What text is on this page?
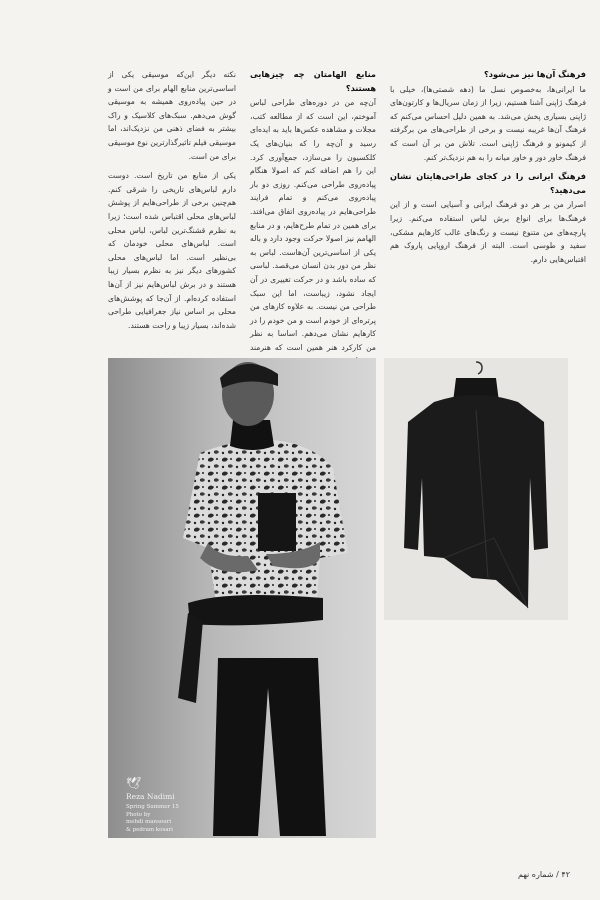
فرهنگ آن‌ها نیز می‌شود؟

ما ایرانی‌ها، به‌خصوص نسل ما (دهه شصتی‌ها)، خیلی با فرهنگ ژاپنی آشنا هستیم، زیرا از زمان سریال‌ها و کارتون‌های ژاپنی بسیاری پخش می‌شد. به همین دلیل احساس می‌کنم که فرهنگ آن‌ها غریبه نیست و برخی از طراحی‌های من برگرفته از کیمونو و فرهنگ ژاپنی است. تلاش من بر آن است که فرهنگ خاور دور و خاور میانه را به هم نزدیک‌تر کنم.

فرهنگ ایرانی را در کجای طراحی‌هایتان نشان می‌دهید؟

اصرار من بر هر دو فرهنگ ایرانی و آسیایی است و از این فرهنگ‌ها برای انواع برش لباس استفاده می‌کنم. زیرا پارچه‌های من متنوع نیست و رنگ‌های غالب کارهایم مشکی، سفید و طوسی است. البته از فرهنگ اروپایی پاروک هم اقتباس‌هایی دارم.

منابع الهامتان چه چیزهایی هستند؟

آن‌چه من در دوره‌های طراحی لباس آموختم، این است که از مطالعه کتب، مجلات و مشاهده عکس‌ها باید به ایده‌ای رسید و آن‌چه را که بنیان‌های یک کلکسیون را می‌سازد، جمع‌آوری کرد. این را هم اضافه کنم که اصولا هنگام پیاده‌روی طراحی می‌کنم. روزی دو بار پیاده‌روی می‌کنم و تمام فرایند طراحی‌هایم در پیاده‌روی اتفاق می‌افتد. برای همین در تمام طرح‌هایم، و در منابع الهامم نیز اصولا حرکت وجود دارد و باله یکی از اساسی‌ترین آن‌هاست. لباس به نظر من دور بدن انسان می‌قصد. لباسی که ساده باشد و در حرکت تغییری در آن ایجاد نشود، زیباست، اما این سبک طراحی من نیست. به علاوه کارهای من پرتره‌ای از خودم است و من خودم را در کارهایم نشان می‌دهم. اساسا به نظر من کارکرد هنر همین است که هنرمند

نکته دیگر این‌که موسیقی یکی از اساسی‌ترین منابع الهام برای من است و در حین پیاده‌روی همیشه به موسیقی گوش می‌دهم. سبک‌های کلاسیک و راک بیشتر به فضای ذهنی من نزدیک‌اند، اما موسیقی فیلم تاثیرگذارترین نوع موسیقی برای من است.

یکی از منابع من تاریخ است. دوست دارم لباس‌های تاریخی را شرقی کنم. هم‌چنین برخی از طراحی‌هایم از پوشش لباس‌های محلی اقتباس شده است؛ زیرا به نظرم قشنگ‌ترین لباس، لباس محلی است. لباس‌های محلی خودمان که بی‌نظیر است. اما لباس‌های محلی کشورهای دیگر نیز به نظرم بسیار زیبا هستند و در برش لباس‌هایم نیز از آن‌ها استفاده کرده‌ام. از آن‌جا که پوشش‌های محلی بر اساس نیاز جغرافیایی طراحی شده‌اند، بسیار زیبا و راحت هستند.

🕊
Reza Nadimi
Spring Summer 15
Photo by
mehdi mansouri
& pedram kosari
۴۲ / شماره نهم
